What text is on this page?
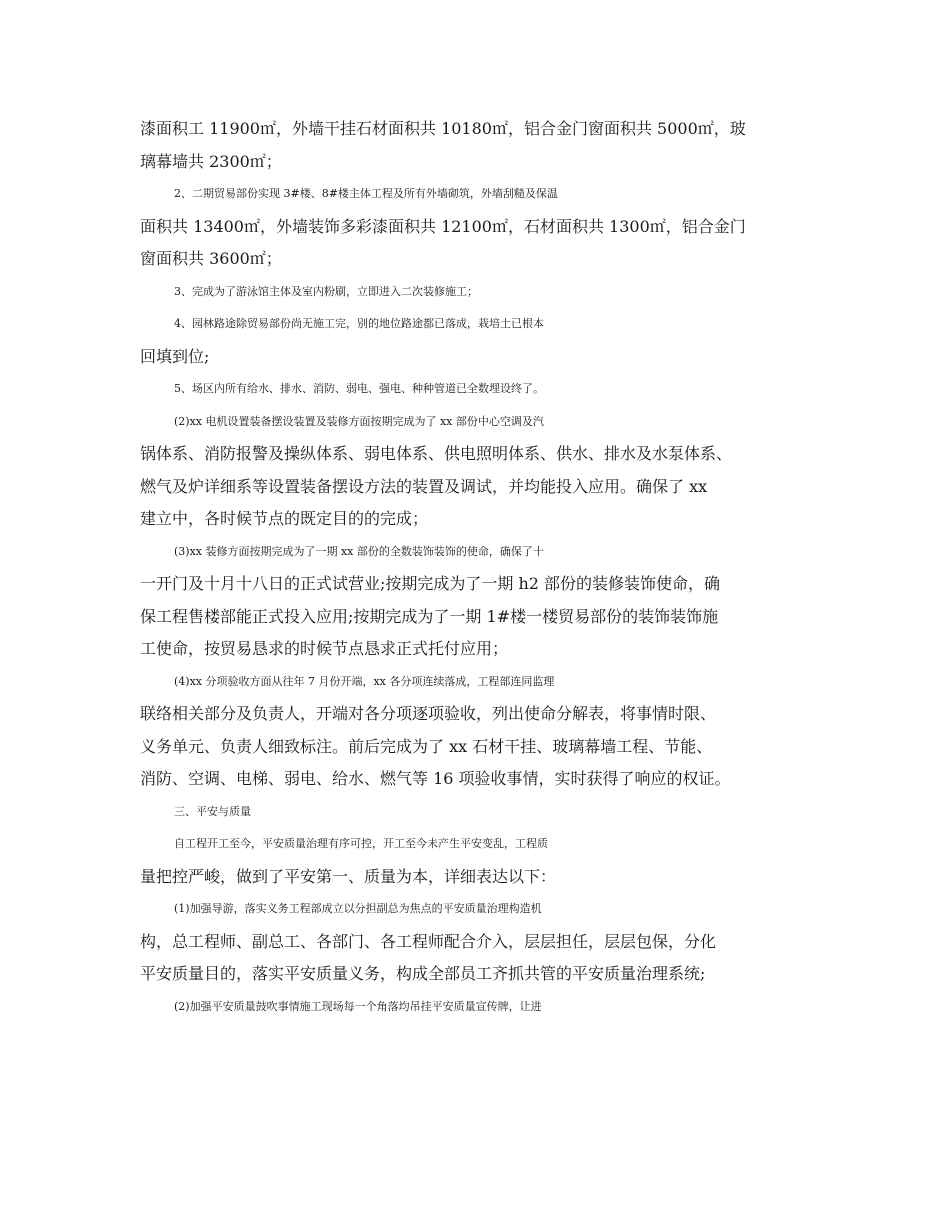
漆面积工 11900㎡，外墙干挂石材面积共 10180㎡，铝合金门窗面积共 5000㎡，玻
璃幕墙共 2300㎡；
2、二期贸易部份实现 3#楼、8#楼主体工程及所有外墙砌筑，外墙刮糙及保温
面积共 13400㎡，外墙装饰多彩漆面积共 12100㎡，石材面积共 1300㎡，铝合金门
窗面积共 3600㎡；
3、完成为了游泳馆主体及室内粉刷，立即进入二次装修施工；
4、园林路途除贸易部份尚无施工完，别的地位路途都已落成，栽培土已根本
回填到位;
5、场区内所有给水、排水、消防、弱电、强电、种种管道已全数埋设终了。
(2)xx 电机设置装备摆设装置及装修方面按期完成为了 xx 部份中心空调及汽
锅体系、消防报警及操纵体系、弱电体系、供电照明体系、供水、排水及水泵体系、
燃气及炉详细系等设置装备摆设方法的装置及调试，并均能投入应用。确保了 xx
建立中，各时候节点的既定目的的完成；
(3)xx 装修方面按期完成为了一期 xx 部份的全数装饰装饰的使命，确保了十
一开门及十月十八日的正式试营业;按期完成为了一期 h2 部份的装修装饰使命，确
保工程售楼部能正式投入应用;按期完成为了一期 1#楼一楼贸易部份的装饰装饰施
工使命，按贸易恳求的时候节点恳求正式托付应用；
(4)xx 分项验收方面从往年 7 月份开端，xx 各分项连续落成，工程部连同监理
联络相关部分及负责人，开端对各分项逐项验收，列出使命分解表，将事情时限、
义务单元、负责人细致标注。前后完成为了 xx 石材干挂、玻璃幕墙工程、节能、
消防、空调、电梯、弱电、给水、燃气等 16 项验收事情，实时获得了响应的权证。
三、平安与质量
自工程开工至今，平安质量治理有序可控，开工至今未产生平安变乱，工程质
量把控严峻，做到了平安第一、质量为本，详细表达以下：
(1)加强导游，落实义务工程部成立以分担副总为焦点的平安质量治理构造机
构，总工程师、副总工、各部门、各工程师配合介入，层层担任，层层包保，分化
平安质量目的，落实平安质量义务，构成全部员工齐抓共管的平安质量治理系统;
(2)加强平安质量鼓吹事情施工现场每一个角落均吊挂平安质量宣传牌，让进
